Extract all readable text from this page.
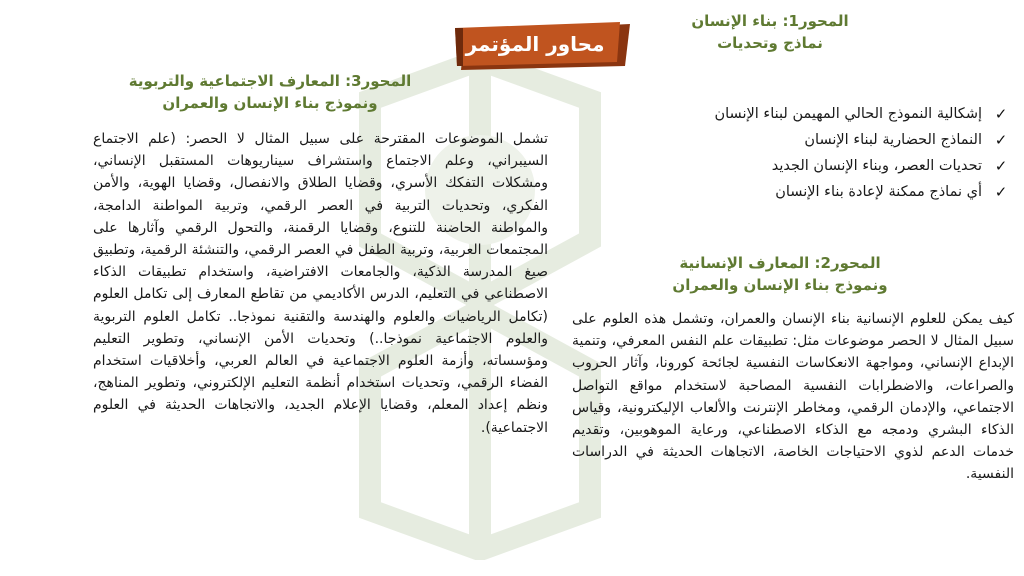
محاور المؤتمر
المحور1: بناء الإنسان
نماذج وتحديات
✓
إشكالية النموذج الحالي المهيمن لبناء الإنسان
✓
النماذج الحضارية لبناء الإنسان
✓
تحديات العصر، وبناء الإنسان الجديد
✓
أي نماذج ممكنة لإعادة بناء الإنسان
المحور2: المعارف الإنسانية
ونموذج بناء الإنسان والعمران
كيف يمكن للعلوم الإنسانية بناء الإنسان والعمران، وتشمل هذه العلوم على سبيل المثال لا الحصر موضوعات مثل: تطبيقات علم النفس المعرفي، وتنمية الإبداع الإنساني، ومواجهة الانعكاسات النفسية لجائحة كورونا، وآثار الحروب والصراعات، والاضطرابات النفسية المصاحبة لاستخدام مواقع التواصل الاجتماعي، والإدمان الرقمي، ومخاطر الإنترنت والألعاب الإليكترونية، وقياس الذكاء البشري ودمجه مع الذكاء الاصطناعي، ورعاية الموهوبين، وتقديم خدمات الدعم لذوي الاحتياجات الخاصة، الاتجاهات الحديثة في الدراسات النفسية.
المحور3: المعارف الاجتماعية والتربوية
ونموذج بناء الإنسان والعمران
تشمل الموضوعات المقترحة على سبيل المثال لا الحصر: (علم الاجتماع السيبراني، وعلم الاجتماع واستشراف سيناريوهات المستقبل الإنساني، ومشكلات التفكك الأسري، وقضايا الطلاق والانفصال، وقضايا الهوية، والأمن الفكري، وتحديات التربية في العصر الرقمي، وتربية المواطنة الدامجة، والمواطنة الحاضنة للتنوع، وقضايا الرقمنة، والتحول الرقمي وآثارها على المجتمعات العربية، وتربية الطفل في العصر الرقمي، والتنشئة الرقمية، وتطبيق صيغ المدرسة الذكية، والجامعات الافتراضية، واستخدام تطبيقات الذكاء الاصطناعي في التعليم، الدرس الأكاديمي من تقاطع المعارف إلى تكامل العلوم (تكامل الرياضيات والعلوم والهندسة والتقنية نموذجا.. تكامل العلوم التربوية والعلوم الاجتماعية نموذجا..) وتحديات الأمن الإنساني، وتطوير التعليم ومؤسساته، وأزمة العلوم الاجتماعية في العالم العربي، وأخلاقيات استخدام الفضاء الرقمي، وتحديات استخدام أنظمة التعليم الإلكتروني، وتطوير المناهج، ونظم إعداد المعلم، وقضايا الإعلام الجديد، والاتجاهات الحديثة في العلوم الاجتماعية).
